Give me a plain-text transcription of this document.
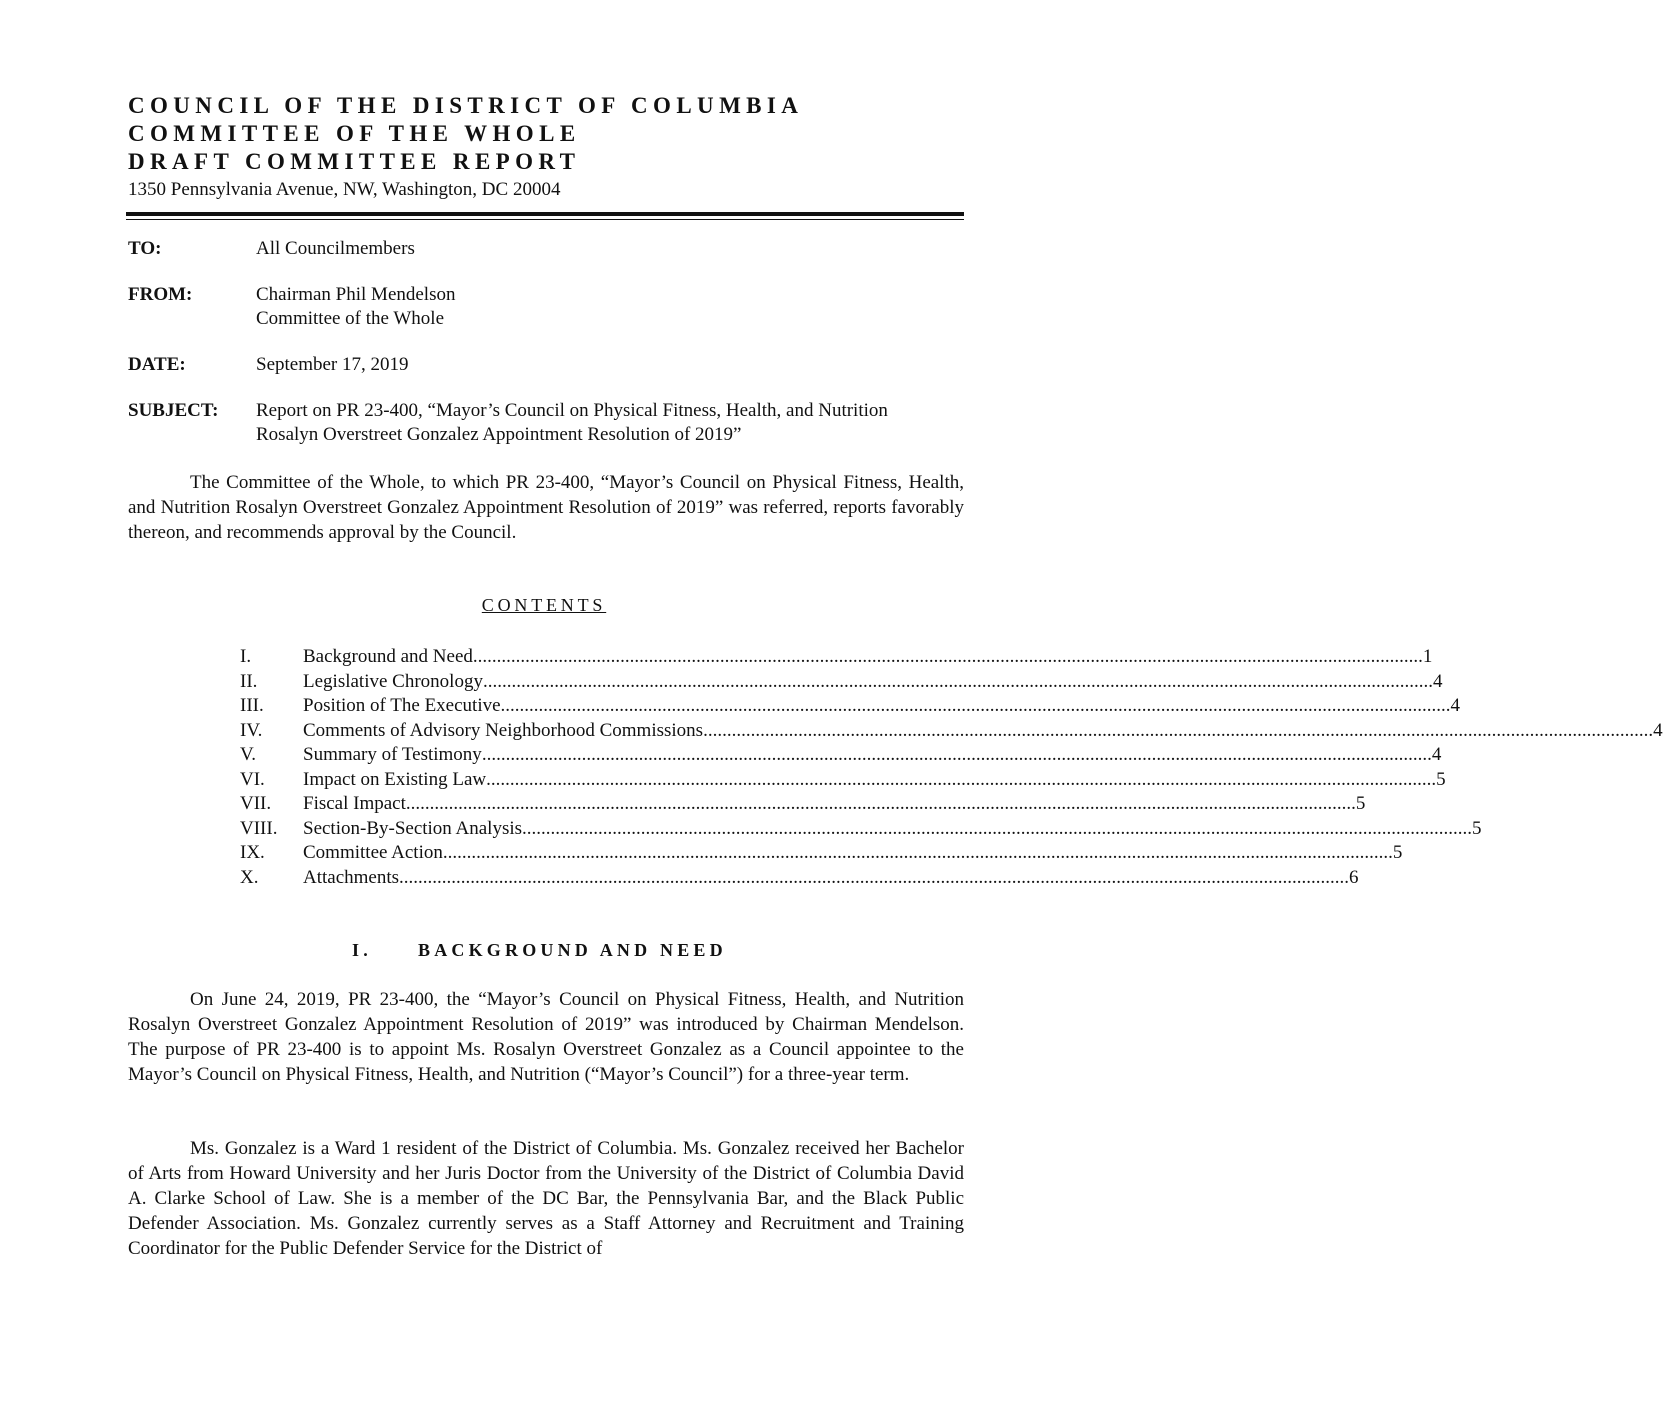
COUNCIL OF THE DISTRICT OF COLUMBIA
COMMITTEE OF THE WHOLE
DRAFT COMMITTEE REPORT
1350 Pennsylvania Avenue, NW, Washington, DC 20004
TO:	All Councilmembers
FROM:	Chairman Phil Mendelson
Committee of the Whole
DATE:	September 17, 2019
SUBJECT: Report on PR 23-400, “Mayor’s Council on Physical Fitness, Health, and Nutrition
Rosalyn Overstreet Gonzalez Appointment Resolution of 2019”

The Committee of the Whole, to which PR 23-400, “Mayor’s Council on Physical Fitness, Health, and Nutrition Rosalyn Overstreet Gonzalez Appointment Resolution of 2019” was referred, reports favorably thereon, and recommends approval by the Council.

CONTENTS
I.	Background and Need ........................................................................................................................................................................................................ 1
II. Legislative Chronology ........................................................................................................................................................................................................ 4
III. Position of The Executive ........................................................................................................................................................................................................ 4
IV. Comments of Advisory Neighborhood Commissions ........................................................................................................................................................................................................ 4
V. Summary of Testimony ........................................................................................................................................................................................................ 4
VI. Impact on Existing Law ........................................................................................................................................................................................................ 5
VII. Fiscal Impact ........................................................................................................................................................................................................ 5
VIII. Section-By-Section Analysis ........................................................................................................................................................................................................ 5
IX. Committee Action ........................................................................................................................................................................................................ 5
X. Attachments ........................................................................................................................................................................................................ 6
I.	BACKGROUND AND NEED

On June 24, 2019, PR 23-400, the “Mayor’s Council on Physical Fitness, Health, and Nutrition Rosalyn Overstreet Gonzalez Appointment Resolution of 2019” was introduced by Chairman Mendelson. The purpose of PR 23-400 is to appoint Ms. Rosalyn Overstreet Gonzalez as a Council appointee to the Mayor’s Council on Physical Fitness, Health, and Nutrition (“Mayor’s Council”) for a three-year term.

Ms. Gonzalez is a Ward 1 resident of the District of Columbia. Ms. Gonzalez received her Bachelor of Arts from Howard University and her Juris Doctor from the University of the District of Columbia David A. Clarke School of Law. She is a member of the DC Bar, the Pennsylvania Bar, and the Black Public Defender Association. Ms. Gonzalez currently serves as a Staff Attorney and Recruitment and Training Coordinator for the Public Defender Service for the District of
